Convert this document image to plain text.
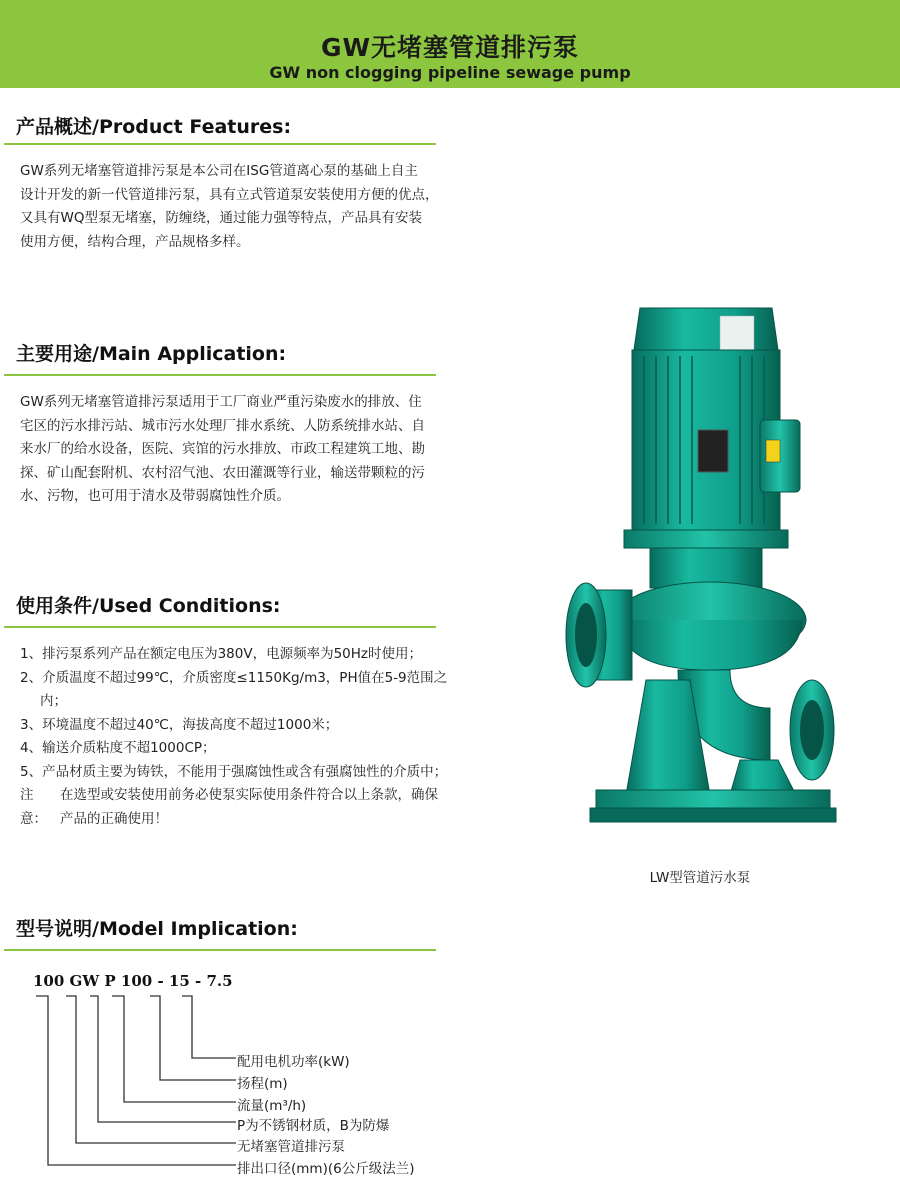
GW无堵塞管道排污泵
GW non clogging pipeline sewage pump
产品概述/Product Features:
GW系列无堵塞管道排污泵是本公司在ISG管道离心泵的基础上自主
设计开发的新一代管道排污泵，具有立式管道泵安装使用方便的优点，
又具有WQ型泵无堵塞，防缠绕，通过能力强等特点，产品具有安装
使用方便，结构合理，产品规格多样。
主要用途/Main Application:
GW系列无堵塞管道排污泵适用于工厂商业严重污染废水的排放、住
宅区的污水排污站、城市污水处理厂排水系统、人防系统排水站、自
来水厂的给水设备，医院、宾馆的污水排放、市政工程建筑工地、勘
探、矿山配套附机、农村沼气池、农田灌溉等行业，输送带颗粒的污
水、污物，也可用于清水及带弱腐蚀性介质。
使用条件/Used Conditions:
1、排污泵系列产品在额定电压为380V，电源频率为50Hz时使用；
2、介质温度不超过99℃，介质密度≤1150Kg/m3，PH值在5-9范围之内；
3、环境温度不超过40℃，海拔高度不超过1000米；
4、输送介质粘度不超1000CP；
5、产品材质主要为铸铁，不能用于强腐蚀性或含有强腐蚀性的介质中；
注意：
在选型或安装使用前务必使泵实际使用条件符合以上条款，确保产品的正确使用！
LW型管道污水泵
型号说明/Model Implication:
100 GW P 100 - 15 - 7.5
配用电机功率(kW)
扬程(m)
流量(m³/h)
P为不锈钢材质，B为防爆
无堵塞管道排污泵
排出口径(mm)(6公斤级法兰)
